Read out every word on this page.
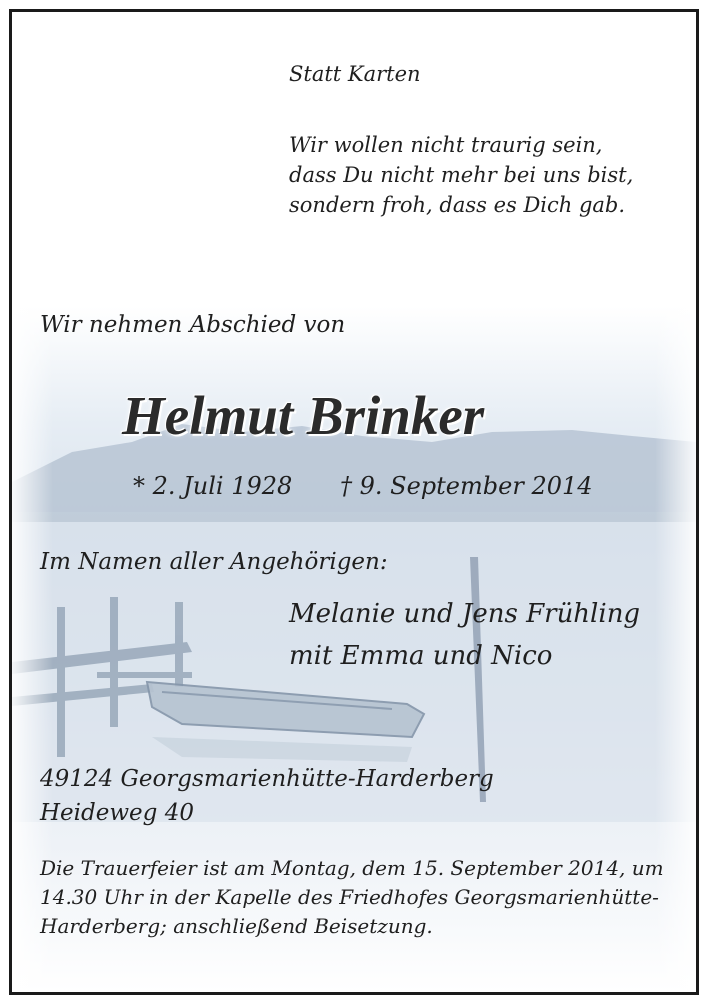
Statt Karten
Wir wollen nicht traurig sein,
dass Du nicht mehr bei uns bist,
sondern froh, dass es Dich gab.
Wir nehmen Abschied von
Helmut Brinker
* 2. Juli 1928 † 9. September 2014
Im Namen aller Angehörigen:
Melanie und Jens Frühling
mit Emma und Nico
49124 Georgsmarienhütte-Harderberg
Heideweg 40
Die Trauerfeier ist am Montag, dem 15. September 2014, um
14.30 Uhr in der Kapelle des Friedhofes Georgsmarienhütte-
Harderberg; anschließend Beisetzung.
